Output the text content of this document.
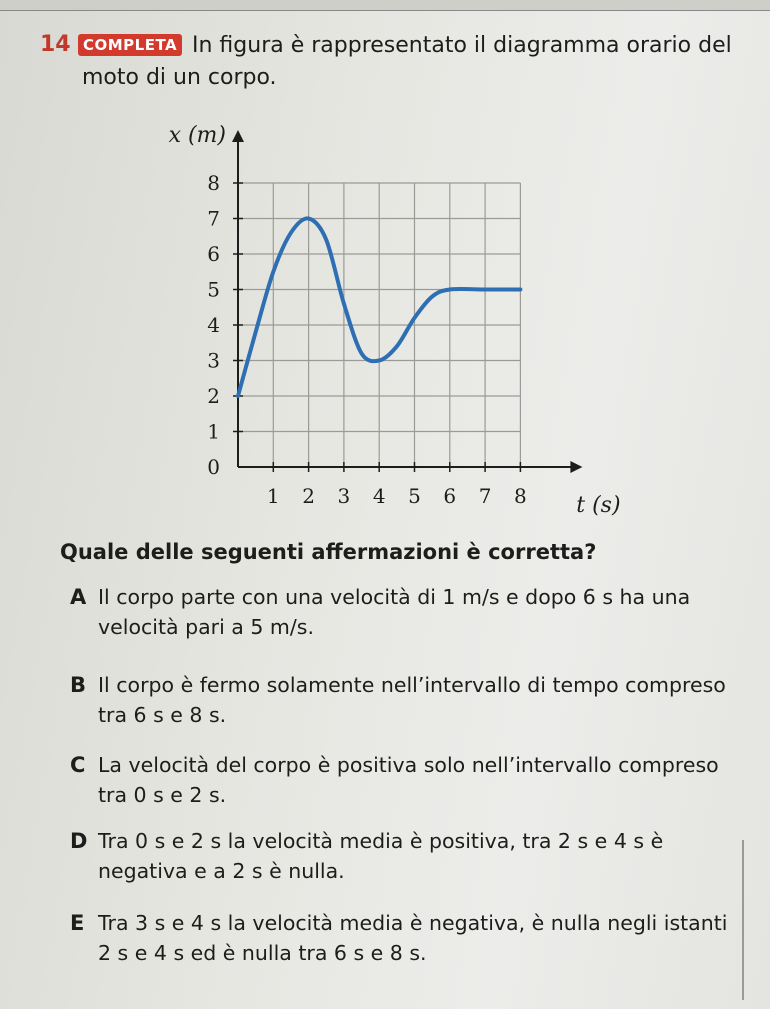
14 COMPLETA In figura è rappresentato il diagramma orario del moto di un corpo.
1 2 3 4 5 6 7 8
0
1
2
3
4
5
6
7
8
x (m)
t (s)
Quale delle seguenti affermazioni è corretta?
A Il corpo parte con una velocità di 1 m/s e dopo 6 s ha una velocità pari a 5 m/s.
B Il corpo è fermo solamente nell’intervallo di tempo compreso tra 6 s e 8 s.
C La velocità del corpo è positiva solo nell’intervallo compreso tra 0 s e 2 s.
D Tra 0 s e 2 s la velocità media è positiva, tra 2 s e 4 s è negativa e a 2 s è nulla.
E Tra 3 s e 4 s la velocità media è negativa, è nulla negli istanti 2 s e 4 s ed è nulla tra 6 s e 8 s.
